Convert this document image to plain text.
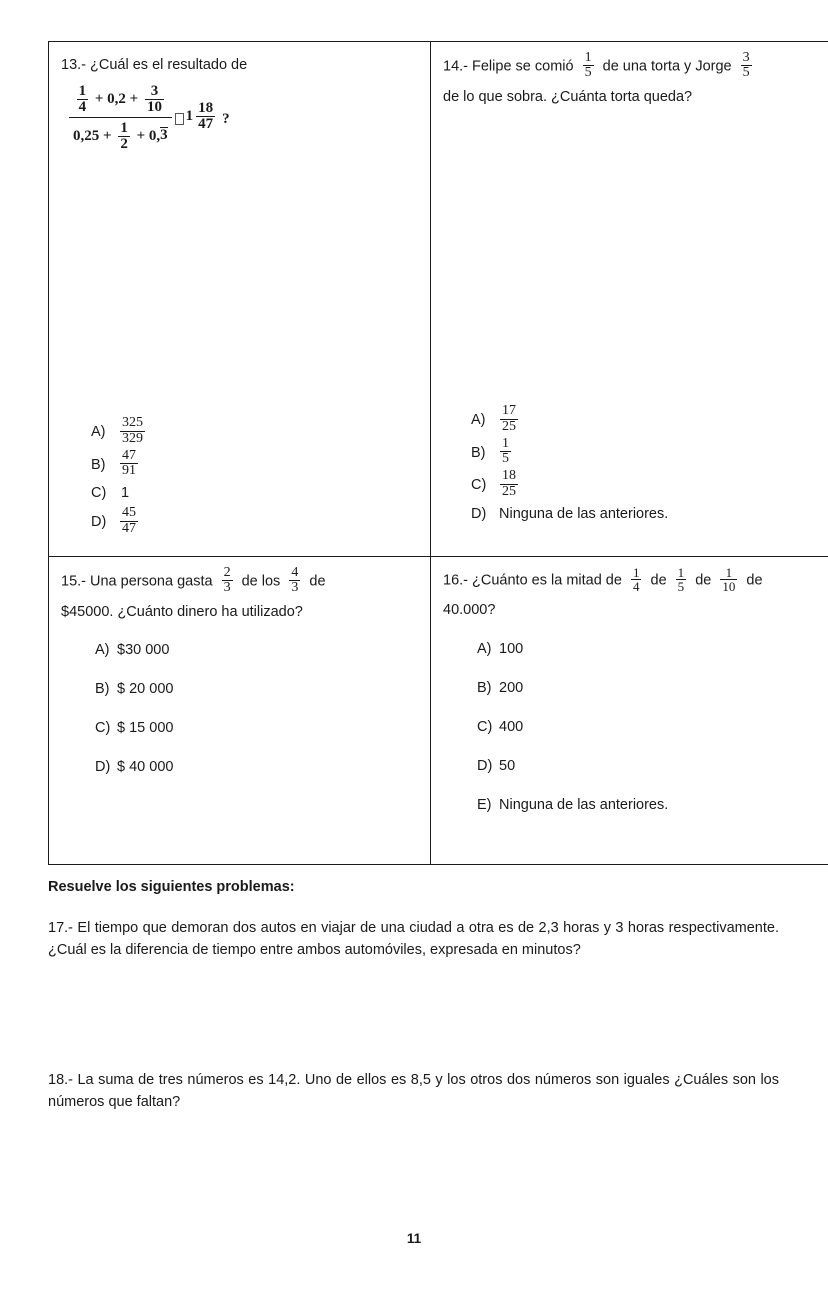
13.- ¿Cuál es el resultado de
$\frac{1}{4} + 0,2 + \frac{3}{10}$
$0,25 + \frac{1}{2} + 0,3$
$1 \frac{18}{47}$ ?
A)	$\frac{325}{329}$
B)	$\frac{47}{91}$
C)	1
$D) \frac{45}{47}$

14.- Felipe se comió $\frac{1}{5}$ de una torta y Jorge $\frac{3}{5}$
de lo que sobra. ¿Cuánta torta queda?
A)	$\frac{17}{25}$
B)	$\frac{1}{5}$
$C) \frac{18}{25}$
D) Ninguna de las anteriores.

15.- Una persona gasta $\frac{2}{3}$ de los $\frac{4}{3}$ de
$45000. ¿Cuánto dinero ha utilizado?
A) $30 000
B) $ 20 000
C) $ 15 000
D) $ 40 000

16.- ¿Cuánto es la mitad de $\frac{1}{4}$ de $\frac{1}{5}$ de $\frac{1}{10}$ de
40.000?
A) 100
B) 200
C) 400
D) 50
E) Ninguna de las anteriores.
Resuelve los siguientes problemas:
17.- El tiempo que demoran dos autos en viajar de una ciudad a otra es de 2,3 horas y 3 horas respectivamente. ¿Cuál es la diferencia de tiempo entre ambos automóviles, expresada en minutos?
18.- La suma de tres números es 14,2. Uno de ellos es 8,5 y los otros dos números son iguales ¿Cuáles son los números que faltan?
11
